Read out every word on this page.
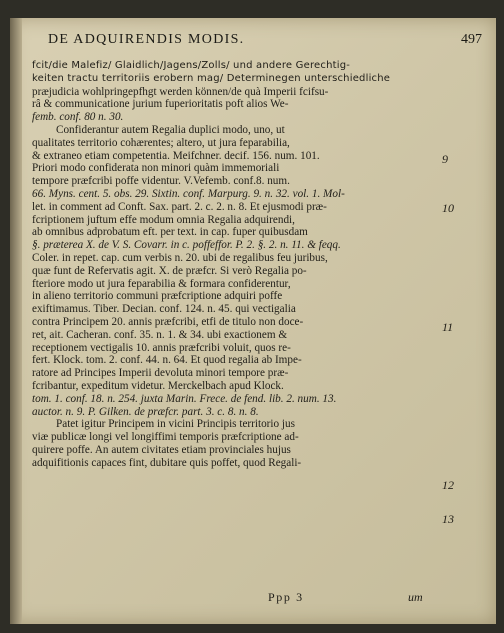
DE ADQUIRENDIS MODIS.	497
fcit/die Malefiz/ Glaidlich/Jagens/Zolls/ und andere Gerechtig-
keiten tractu territoriis erobern mag/ Determinegen unterschiedliche
præjudicia wohlpringepfhgt werden können/de quà Imperii fcifsu-
râ & communicatione jurium fuperioritatis poft alios We-
femb. conf. 80 n. 30.
Confiderantur autem Regalia duplici modo, uno, ut
qualitates territorio cohærentes; altero, ut jura feparabilia,
& extraneo etiam competentia. Meifchner. decif. 156. num. 101.
Priori modo confiderata non minori quàm immemoriali
tempore præfcribi poffe videntur. V.Vefemb. conf.8. num.
66. Myns. cent. 5. obs. 29. Sixtin. conf. Marpurg. 9. n. 32. vol. 1. Mol-
let. in comment ad Conft. Sax. part. 2. c. 2. n. 8. Et ejusmodi præ-
fcriptionem juftum effe modum omnia Regalia adquirendi,
ab omnibus adprobatum eft. per text. in cap. fuper quibusdam
§. præterea X. de V. S. Covarr. in c. poffeffor. P. 2. §. 2. n. 11. & feqq.
Coler. in repet. cap. cum verbis n. 20. ubi de regalibus feu juribus,
quæ funt de Refervatis agit. X. de præfcr. Si verò Regalia po-
fteriore modo ut jura feparabilia & formara confiderentur,
in alieno territorio communi præfcriptione adquiri poffe
exiftimamus. Tiber. Decian. conf. 124. n. 45. qui vectigalia
contra Principem 20. annis præfcribi, etfi de titulo non doce-
ret, ait. Cacheran. conf. 35. n. 1. & 34. ubi exactionem &
receptionem vectigalis 10. annis præfcribi voluit, quos re-
fert. Klock. tom. 2. conf. 44. n. 64. Et quod regalia ab Impe-
ratore ad Principes Imperii devoluta minori tempore præ-
fcribantur, expeditum videtur. Merckelbach apud Klock.
tom. 1. conf. 18. n. 254. juxta Marin. Frece. de fend. lib. 2. num. 13.
auctor. n. 9. P. Gilken. de præfcr. part. 3. c. 8. n. 8.
Patet igitur Principem in vicini Principis territorio jus
viæ publicæ longi vel longiffimi temporis præfcriptione ad-
quirere poffe. An autem civitates etiam provinciales hujus
adquifitionis capaces fint, dubitare quis poffet, quod Regali-
9
10
11
12
13
Ppp 3	um
